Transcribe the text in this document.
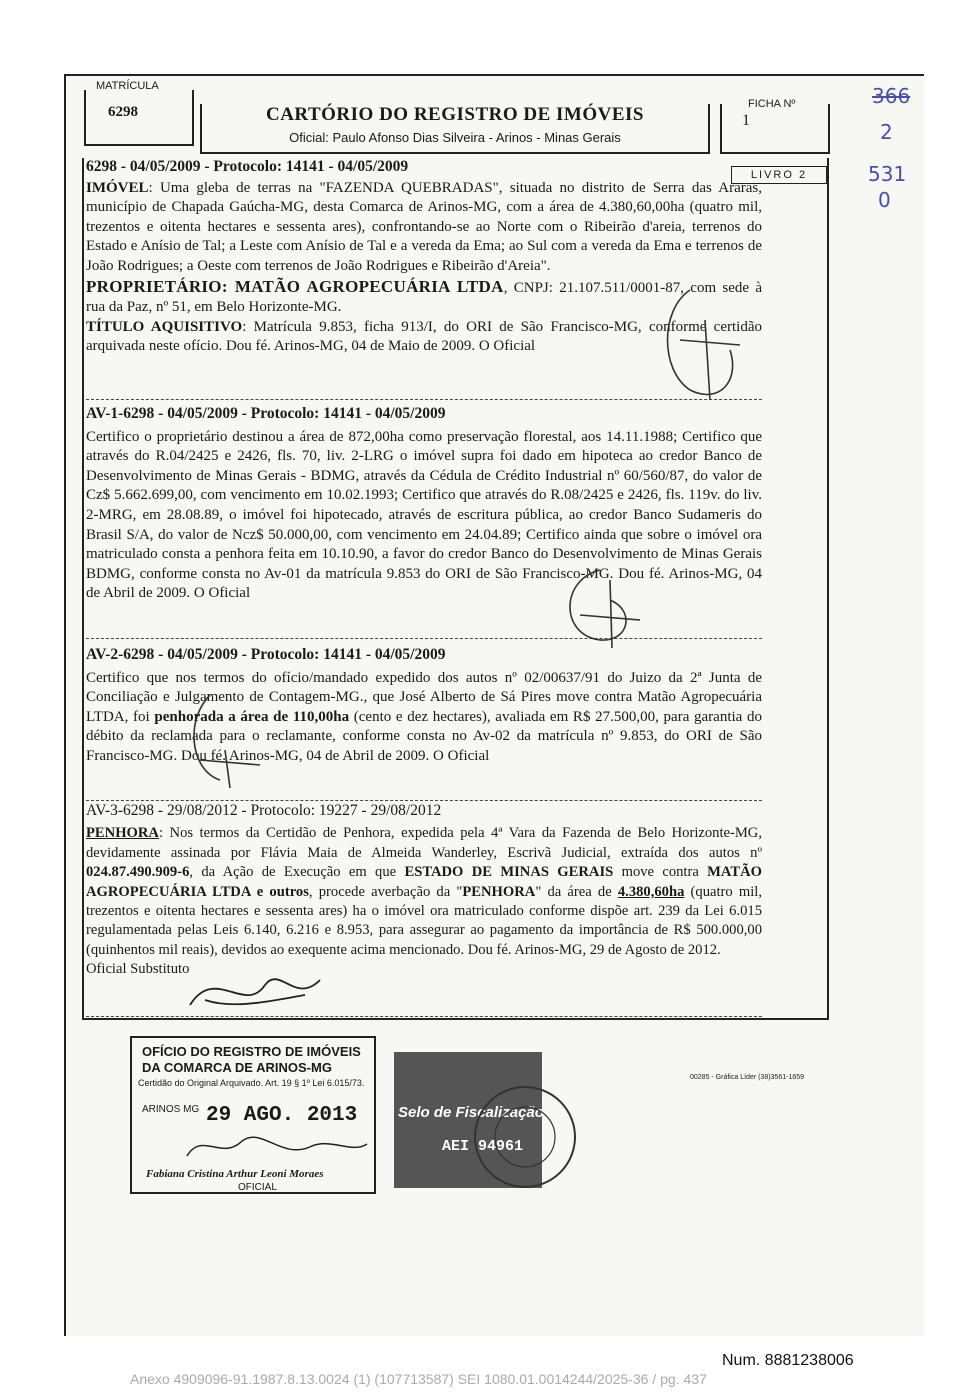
MATRÍCULA
6298	CARTÓRIO DO REGISTRO DE IMÓVEIS
Oficial: Paulo Afonso Dias Silveira - Arinos - Minas Gerais
FICHA Nº
1
LIVRO 2
366
2
531
0

6298 - 04/05/2009 - Protocolo: 14141 - 04/05/2009

IMÓVEL: Uma gleba de terras na "FAZENDA QUEBRADAS", situada no distrito de Serra das Araras, município de Chapada Gaúcha-MG, desta Comarca de Arinos-MG, com a área de 4.380,60,00ha (quatro mil, trezentos e oitenta hectares e sessenta ares), confrontando-se ao Norte com o Ribeirão d'areia, terrenos do Estado e Anísio de Tal; a Leste com Anísio de Tal e a vereda da Ema; ao Sul com a vereda da Ema e terrenos de João Rodrigues; a Oeste com terrenos de João Rodrigues e Ribeirão d'Areia".

PROPRIETÁRIO: MATÃO AGROPECUÁRIA LTDA, CNPJ: 21.107.511/0001-87, com sede à rua da Paz, nº 51, em Belo Horizonte-MG.

TÍTULO AQUISITIVO: Matrícula 9.853, ficha 913/I, do ORI de São Francisco-MG, conforme certidão arquivada neste ofício. Dou fé. Arinos-MG, 04 de Maio de 2009. O Oficial

AV-1-6298 - 04/05/2009 - Protocolo: 14141 - 04/05/2009

Certifico o proprietário destinou a área de 872,00ha como preservação florestal, aos 14.11.1988; Certifico que através do R.04/2425 e 2426, fls. 70, liv. 2-LRG o imóvel supra foi dado em hipoteca ao credor Banco de Desenvolvimento de Minas Gerais - BDMG, através da Cédula de Crédito Industrial nº 60/560/87, do valor de Cz$ 5.662.699,00, com vencimento em 10.02.1993; Certifico que através do R.08/2425 e 2426, fls. 119v. do liv. 2-MRG, em 28.08.89, o imóvel foi hipotecado, através de escritura pública, ao credor Banco Sudameris do Brasil S/A, do valor de Ncz$ 50.000,00, com vencimento em 24.04.89; Certifico ainda que sobre o imóvel ora matriculado consta a penhora feita em 10.10.90, a favor do credor Banco do Desenvolvimento de Minas Gerais BDMG, conforme consta no Av-01 da matrícula 9.853 do ORI de São Francisco-MG. Dou fé. Arinos-MG, 04 de Abril de 2009. O Oficial

AV-2-6298 - 04/05/2009 - Protocolo: 14141 - 04/05/2009

Certifico que nos termos do ofício/mandado expedido dos autos nº 02/00637/91 do Juizo da 2ª Junta de Conciliação e Julgamento de Contagem-MG., que José Alberto de Sá Pires move contra Matão Agropecuária LTDA, foi penhorada a área de 110,00ha (cento e dez hectares), avaliada em R$ 27.500,00, para garantia do débito da reclamada para o reclamante, conforme consta no Av-02 da matrícula nº 9.853, do ORI de São Francisco-MG. Dou fé. Arinos-MG, 04 de Abril de 2009. O Oficial

AV-3-6298 - 29/08/2012 - Protocolo: 19227 - 29/08/2012

PENHORA: Nos termos da Certidão de Penhora, expedida pela 4ª Vara da Fazenda de Belo Horizonte-MG, devidamente assinada por Flávia Maia de Almeida Wanderley, Escrivã Judicial, extraída dos autos nº 024.87.490.909-6, da Ação de Execução em que ESTADO DE MINAS GERAIS move contra MATÃO AGROPECUÁRIA LTDA e outros, procede averbação da "PENHORA" da área de 4.380,60ha (quatro mil, trezentos e oitenta hectares e sessenta ares) ha o imóvel ora matriculado conforme dispõe art. 239 da Lei 6.015 regulamentada pelas Leis 6.140, 6.216 e 8.953, para assegurar ao pagamento da importância de R$ 500.000,00 (quinhentos mil reais), devidos ao exequente acima mencionado. Dou fé. Arinos-MG, 29 de Agosto de 2012.

Oficial Substituto

OFÍCIO DO REGISTRO DE IMÓVEIS
DA COMARCA DE ARINOS-MG
Certidão do Original Arquivado. Art. 19 § 1º Lei 6.015/73.
ARINOS MG 29 AGO. 2013
Fabiana Cristina Arthur Leoni Moraes
OFICIAL
Selo de Fiscalização
AEI 94961
00285 - Gráfica Líder (38)3561-1659
Num. 8881238006
Anexo 4909096-91.1987.8.13.0024 (1) (107713587) SEI 1080.01.0014244/2025-36 / pg. 437
